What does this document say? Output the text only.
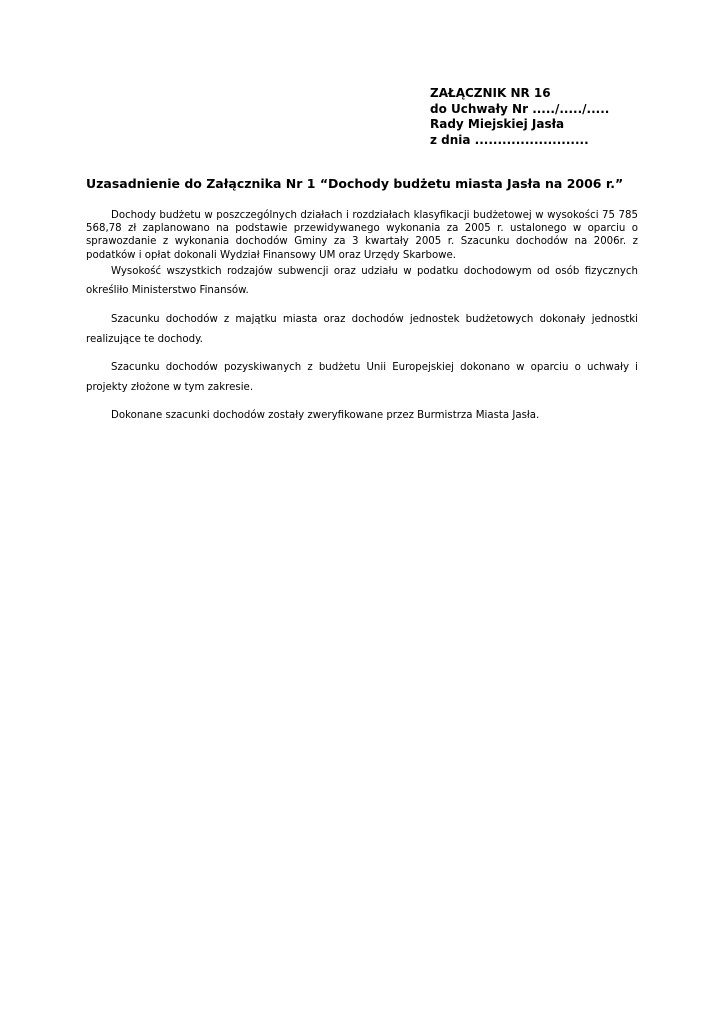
ZAŁĄCZNIK NR 16
do Uchwały Nr ...../...../.....
Rady Miejskiej Jasła
z dnia .........................
Uzasadnienie do Załącznika Nr 1 “Dochody budżetu miasta Jasła na 2006 r.”

Dochody budżetu w poszczególnych działach i rozdziałach klasyfikacji budżetowej w wysokości 75 785 568,78 zł zaplanowano na podstawie przewidywanego wykonania za 2005 r. ustalonego w oparciu o sprawozdanie z wykonania dochodów Gminy za 3 kwartały 2005 r. Szacunku dochodów na 2006r. z podatków i opłat dokonali Wydział Finansowy UM oraz Urzędy Skarbowe.

Wysokość wszystkich rodzajów subwencji oraz udziału w podatku dochodowym od osób fizycznych określiło Ministerstwo Finansów.

Szacunku dochodów z majątku miasta oraz dochodów jednostek budżetowych dokonały jednostki realizujące te dochody.

Szacunku dochodów pozyskiwanych z budżetu Unii Europejskiej dokonano w oparciu o uchwały i projekty złożone w tym zakresie.

Dokonane szacunki dochodów zostały zweryfikowane przez Burmistrza Miasta Jasła.
